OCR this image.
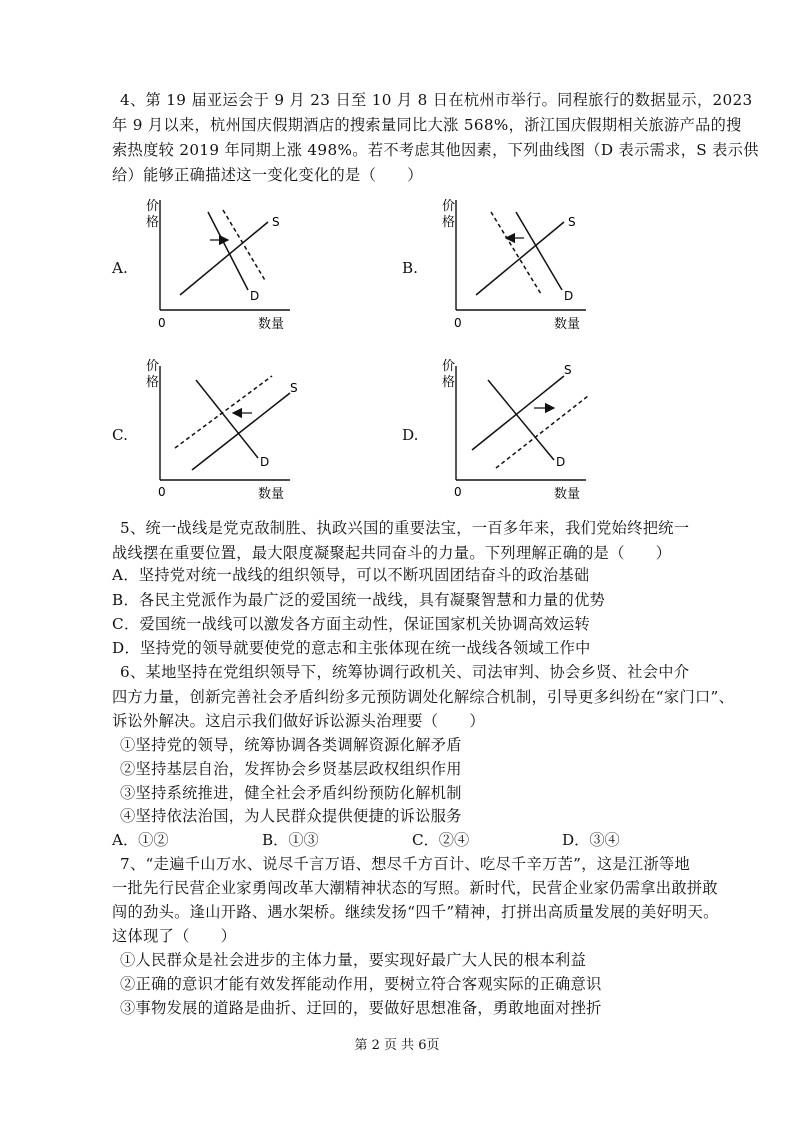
4、第 19 届亚运会于 9 月 23 日至 10 月 8 日在杭州市举行。同程旅行的数据显示，2023
年 9 月以来，杭州国庆假期酒店的搜索量同比大涨 568%，浙江国庆假期相关旅游产品的搜
索热度较 2019 年同期上涨 498%。若不考虑其他因素，下列曲线图（D 表示需求，S 表示供
给）能够正确描述这一变化变化的是（　　）
A.	B.
C.	D.
价
格
0	数量
S
D
价
格
0	数量
S
D
价
格
0	数量
S
D
价
格
0	数量
S
D
5、统一战线是党克敌制胜、执政兴国的重要法宝，一百多年来，我们党始终把统一
战线摆在重要位置，最大限度凝聚起共同奋斗的力量。下列理解正确的是（　　）
A．坚持党对统一战线的组织领导，可以不断巩固团结奋斗的政治基础
B．各民主党派作为最广泛的爱国统一战线，具有凝聚智慧和力量的优势
C．爱国统一战线可以激发各方面主动性，保证国家机关协调高效运转
D．坚持党的领导就要使党的意志和主张体现在统一战线各领域工作中
6、某地坚持在党组织领导下，统筹协调行政机关、司法审判、协会乡贤、社会中介
四方力量，创新完善社会矛盾纠纷多元预防调处化解综合机制，引导更多纠纷在“家门口”、
诉讼外解决。这启示我们做好诉讼源头治理要（　　）
①坚持党的领导，统筹协调各类调解资源化解矛盾
②坚持基层自治，发挥协会乡贤基层政权组织作用
③坚持系统推进，健全社会矛盾纠纷预防化解机制
④坚持依法治国，为人民群众提供便捷的诉讼服务
A．①②	B．①③	C．②④	D．③④
7、“走遍千山万水、说尽千言万语、想尽千方百计、吃尽千辛万苦”，这是江浙等地
一批先行民营企业家勇闯改革大潮精神状态的写照。新时代，民营企业家仍需拿出敢拼敢
闯的劲头。逢山开路、遇水架桥。继续发扬“四千”精神，打拼出高质量发展的美好明天。
这体现了（　　）
①人民群众是社会进步的主体力量，要实现好最广大人民的根本利益
②正确的意识才能有效发挥能动作用，要树立符合客观实际的正确意识
③事物发展的道路是曲折、迂回的，要做好思想准备，勇敢地面对挫折
第 2 页 共 6页
